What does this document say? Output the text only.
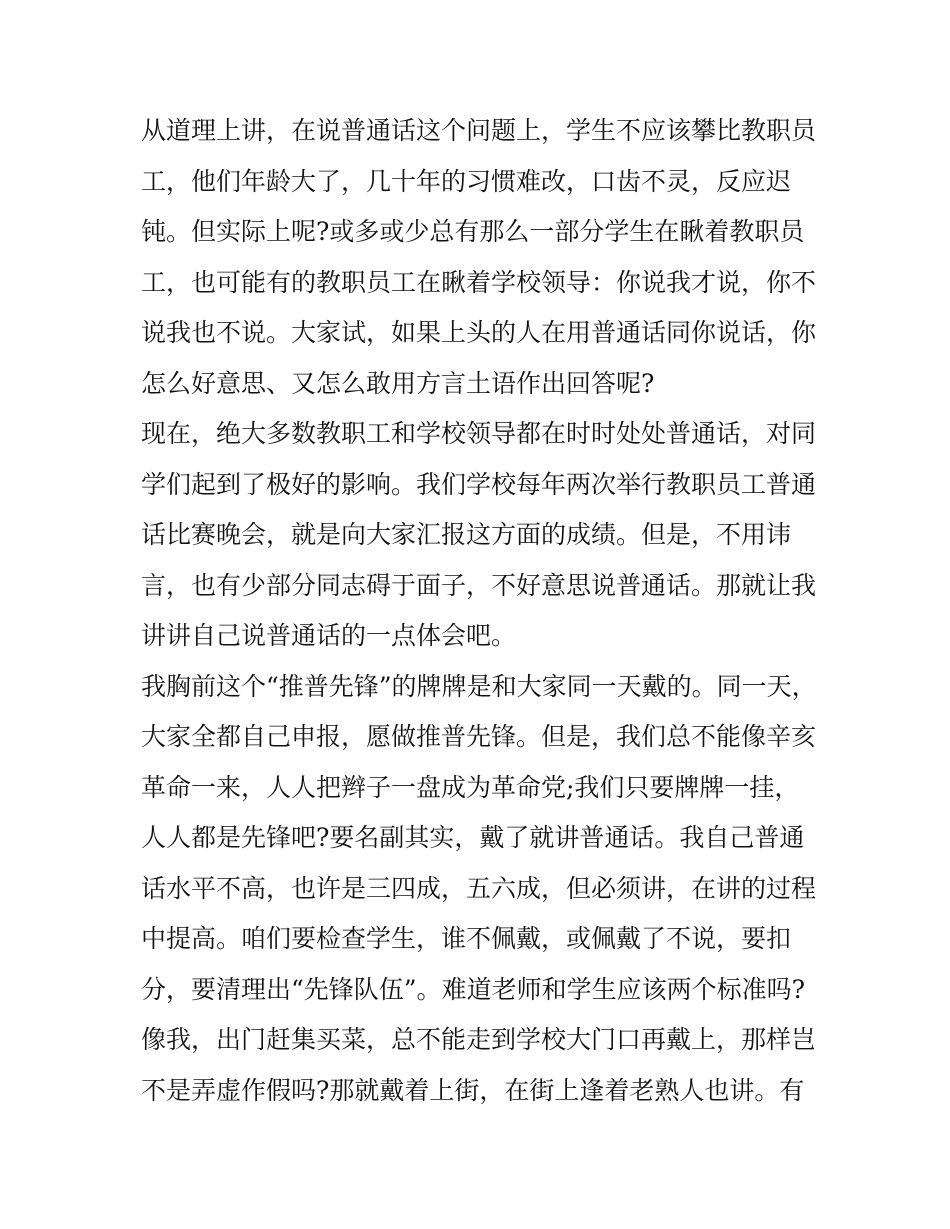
从道理上讲，在说普通话这个问题上，学生不应该攀比教职员
工，他们年龄大了，几十年的习惯难改，口齿不灵，反应迟
钝。但实际上呢?或多或少总有那么一部分学生在瞅着教职员
工，也可能有的教职员工在瞅着学校领导：你说我才说，你不
说我也不说。大家试，如果上头的人在用普通话同你说话，你
怎么好意思、又怎么敢用方言土语作出回答呢?
现在，绝大多数教职工和学校领导都在时时处处普通话，对同
学们起到了极好的影响。我们学校每年两次举行教职员工普通
话比赛晚会，就是向大家汇报这方面的成绩。但是，不用讳
言，也有少部分同志碍于面子，不好意思说普通话。那就让我
讲讲自己说普通话的一点体会吧。
我胸前这个“推普先锋”的牌牌是和大家同一天戴的。同一天，
大家全都自己申报，愿做推普先锋。但是，我们总不能像辛亥
革命一来，人人把辫子一盘成为革命党;我们只要牌牌一挂，
人人都是先锋吧?要名副其实，戴了就讲普通话。我自己普通
话水平不高，也许是三四成，五六成，但必须讲，在讲的过程
中提高。咱们要检查学生，谁不佩戴，或佩戴了不说，要扣
分，要清理出“先锋队伍”。难道老师和学生应该两个标准吗?
像我，出门赶集买菜，总不能走到学校大门口再戴上，那样岂
不是弄虚作假吗?那就戴着上街，在街上逢着老熟人也讲。有
